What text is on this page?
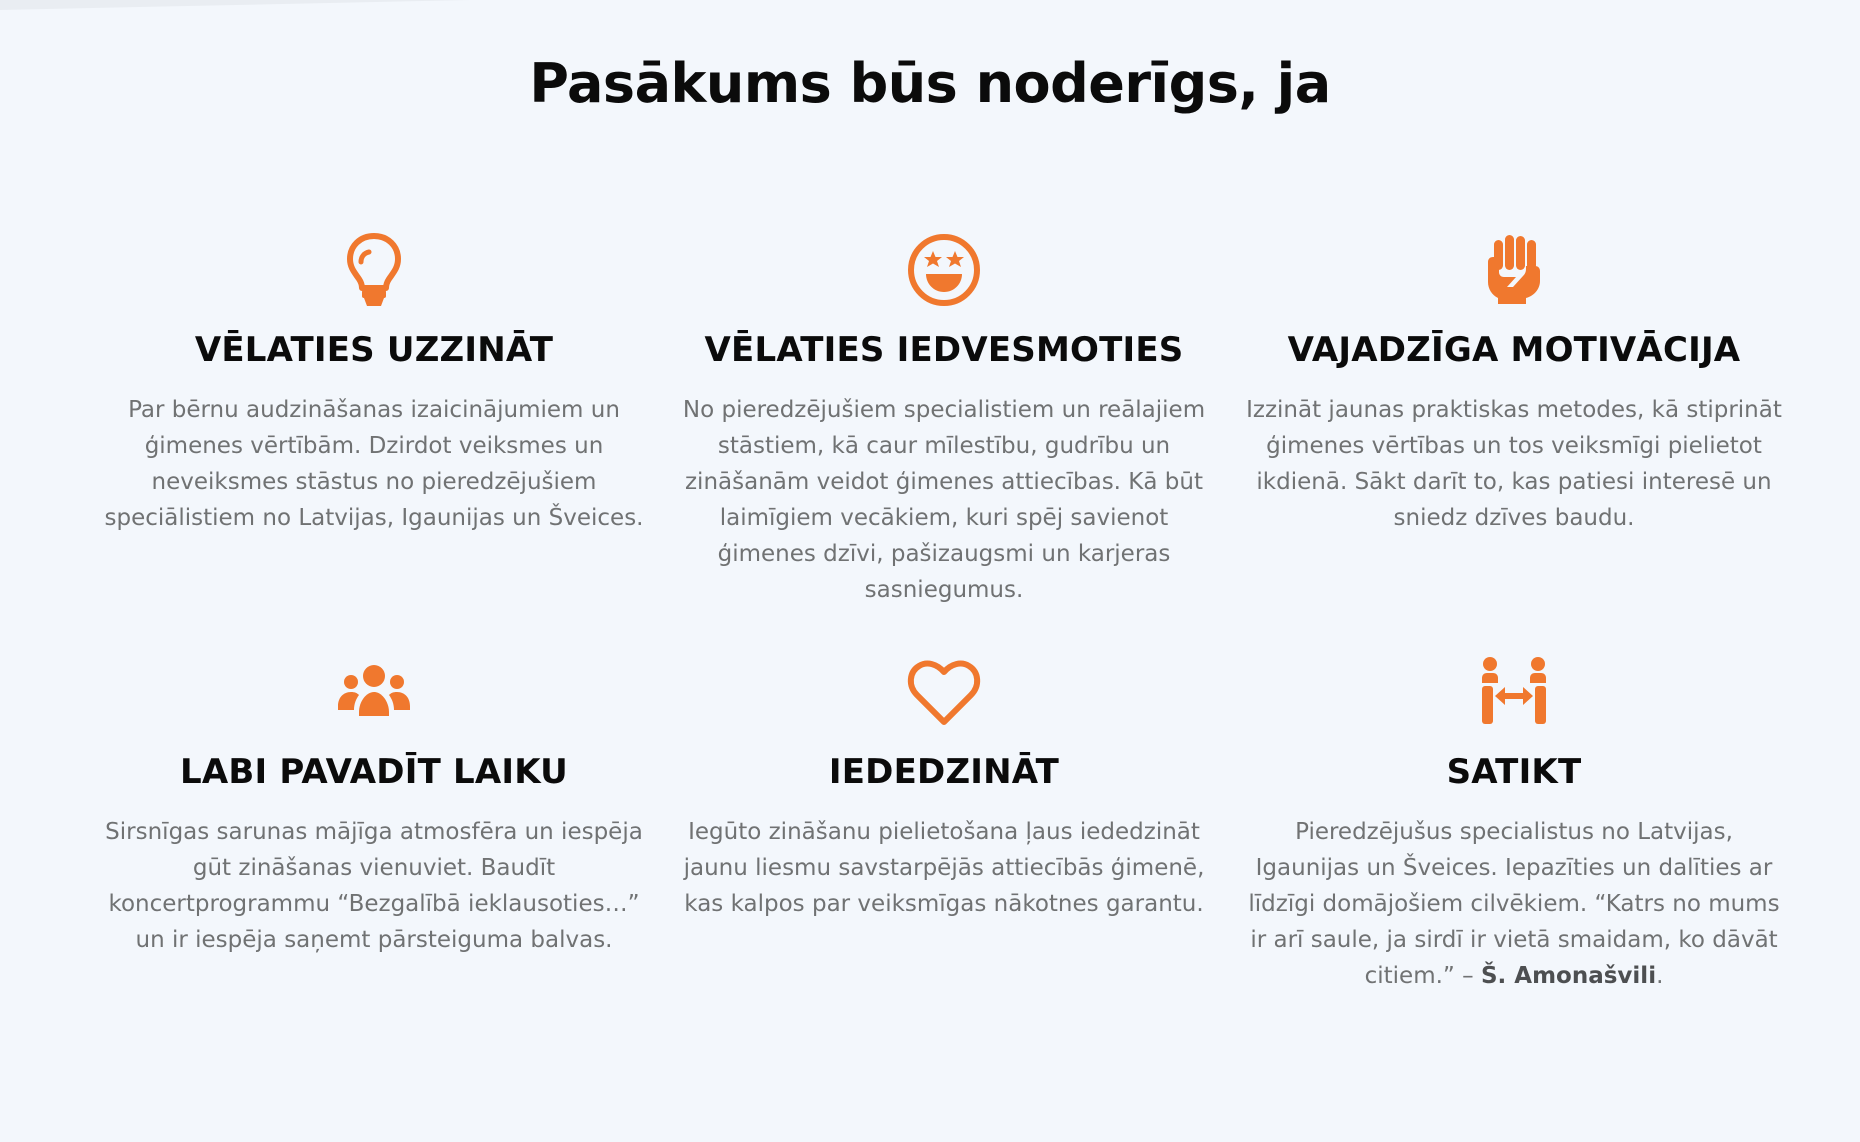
Pasākums būs noderīgs, ja
VĒLATIES UZZINĀT

Par bērnu audzināšanas izaicinājumiem un ģimenes vērtībām. Dzirdot veiksmes un neveiksmes stāstus no pieredzējušiem speciālistiem no Latvijas, Igaunijas un Šveices.

VĒLATIES IEDVESMOTIES

No pieredzējušiem specialistiem un reālajiem stāstiem, kā caur mīlestību, gudrību un zināšanām veidot ģimenes attiecības. Kā būt laimīgiem vecākiem, kuri spēj savienot ģimenes dzīvi, pašizaugsmi un karjeras sasniegumus.

VAJADZĪGA MOTIVĀCIJA

Izzināt jaunas praktiskas metodes, kā stiprināt ģimenes vērtības un tos veiksmīgi pielietot ikdienā. Sākt darīt to, kas patiesi interesē un sniedz dzīves baudu.

LABI PAVADĪT LAIKU

Sirsnīgas sarunas mājīga atmosfēra un iespēja gūt zināšanas vienuviet. Baudīt koncertprogrammu “Bezgalībā ieklausoties…” un ir iespēja saņemt pārsteiguma balvas.

IEDEDZINĀT

Iegūto zināšanu pielietošana ļaus iededzināt jaunu liesmu savstarpējās attiecībās ģimenē, kas kalpos par veiksmīgas nākotnes garantu.

SATIKT

Pieredzējušus specialistus no Latvijas, Igaunijas un Šveices. Iepazīties un dalīties ar līdzīgi domājošiem cilvēkiem. “Katrs no mums ir arī saule, ja sirdī ir vietā smaidam, ko dāvāt citiem.” – Š. Amonašvili.
